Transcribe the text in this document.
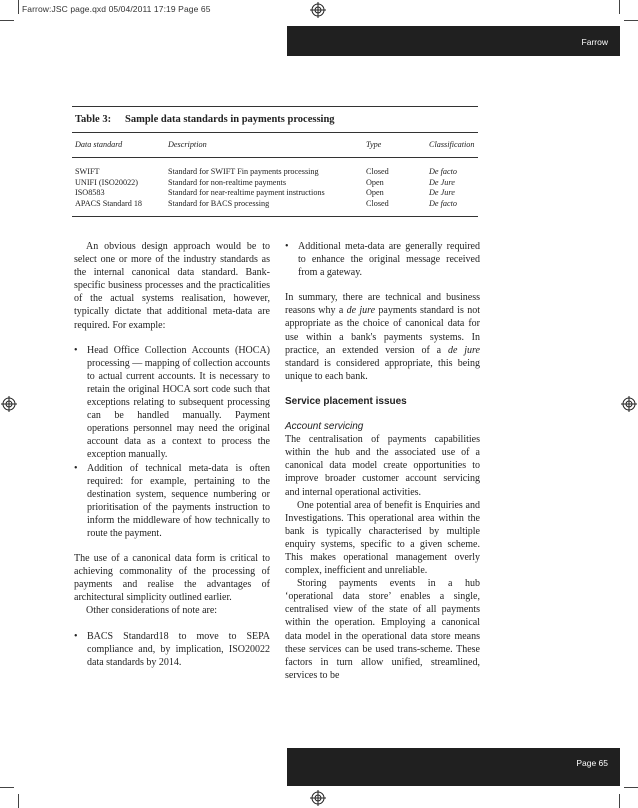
Farrow:JSC page.qxd 05/04/2011 17:19 Page 65
Farrow
Table 3: Sample data standards in payments processing
Data standard	Description	Type	Classification
SWIFT	Standard for SWIFT Fin payments processing	Closed	De facto
UNIFI (ISO20022)	Standard for non-realtime payments	Open	De Jure
ISO8583	Standard for near-realtime payment instructions	Open	De Jure
APACS Standard 18	Standard for BACS processing	Closed	De facto

An obvious design approach would be to select one or more of the industry standards as the internal canonical data standard. Bank-specific business processes and the practicalities of the actual systems realisation, however, typically dictate that additional meta-data are required. For example:

• Head Office Collection Accounts (HOCA) processing — mapping of collection accounts to actual current accounts. It is necessary to retain the original HOCA sort code such that exceptions relating to subsequent processing can be handled manually. Payment operations personnel may need the original account data as a context to process the exception manually.
• Addition of technical meta-data is often required: for example, pertaining to the destination system, sequence numbering or prioritisation of the payments instruction to inform the middleware of how technically to route the payment.

The use of a canonical data form is critical to achieving commonality of the processing of payments and realise the advantages of architectural simplicity outlined earlier.

Other considerations of note are:

• BACS Standard18 to move to SEPA compliance and, by implication, ISO20022 data standards by 2014.
• Additional meta-data are generally required to enhance the original message received from a gateway.

In summary, there are technical and business reasons why a de jure payments standard is not appropriate as the choice of canonical data for use within a bank's payments systems. In practice, an extended version of a de jure standard is considered appropriate, this being unique to each bank.

Service placement issues

Account servicing

The centralisation of payments capabilities within the hub and the associated use of a canonical data model create opportunities to improve broader customer account servicing and internal operational activities.

One potential area of benefit is Enquiries and Investigations. This operational area within the bank is typically characterised by multiple enquiry systems, specific to a given scheme. This makes operational management overly complex, inefficient and unreliable.

Storing payments events in a hub ‘operational data store’ enables a single, centralised view of the state of all payments within the operation. Employing a canonical data model in the operational data store means these services can be used trans-scheme. These factors in turn allow unified, streamlined, services to be

Page 65
